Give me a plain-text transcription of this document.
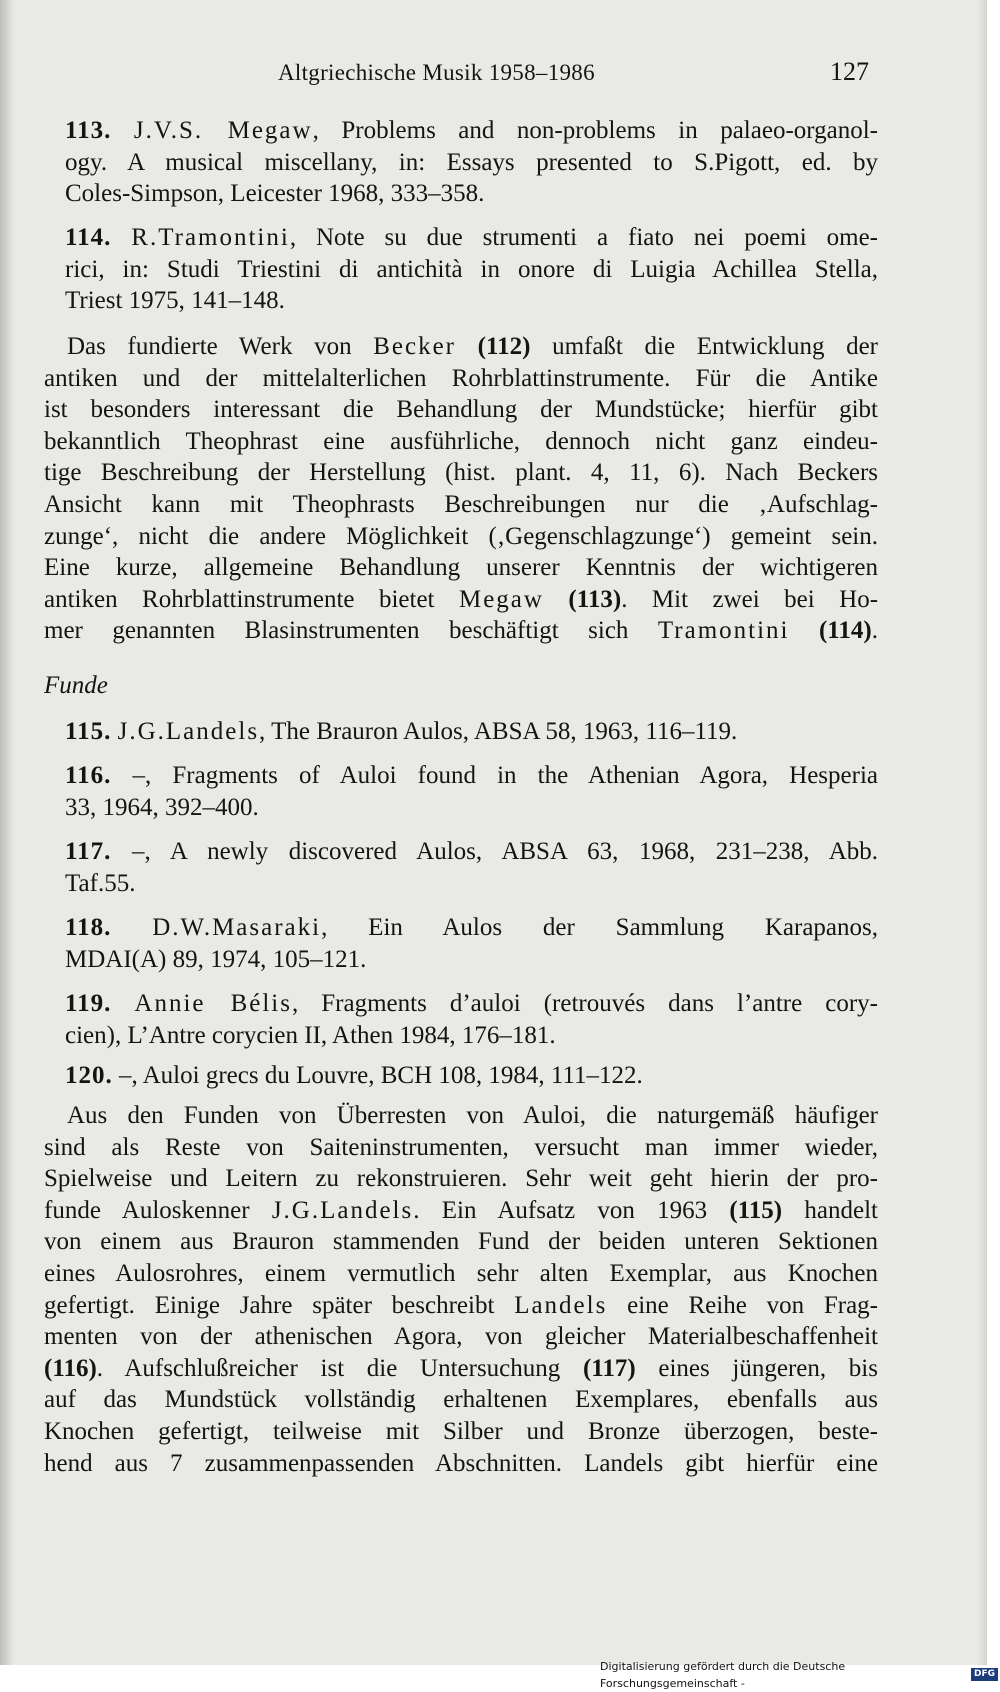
Altgriechische Musik 1958–1986	127
113. J.V.S. Megaw, Problems and non-problems in palaeo-organol-
ogy. A musical miscellany, in: Essays presented to S.Pigott, ed. by
Coles-Simpson, Leicester 1968, 333–358.
114. R.Tramontini, Note su due strumenti a fiato nei poemi ome-
rici, in: Studi Triestini di antichità in onore di Luigia Achillea Stella,
Triest 1975, 141–148.
Das fundierte Werk von Becker (112) umfaßt die Entwicklung der
antiken und der mittelalterlichen Rohrblattinstrumente. Für die Antike
ist besonders interessant die Behandlung der Mundstücke; hierfür gibt
bekanntlich Theophrast eine ausführliche, dennoch nicht ganz eindeu-
tige Beschreibung der Herstellung (hist. plant. 4, 11, 6). Nach Beckers
Ansicht kann mit Theophrasts Beschreibungen nur die ‚Aufschlag-
zunge‘, nicht die andere Möglichkeit (‚Gegenschlagzunge‘) gemeint sein.
Eine kurze, allgemeine Behandlung unserer Kenntnis der wichtigeren
antiken Rohrblattinstrumente bietet Megaw (113). Mit zwei bei Ho-
mer genannten Blasinstrumenten beschäftigt sich Tramontini (114).
Funde
115. J.G.Landels, The Brauron Aulos, ABSA 58, 1963, 116–119.
116. –, Fragments of Auloi found in the Athenian Agora, Hesperia
33, 1964, 392–400.
117. –, A newly discovered Aulos, ABSA 63, 1968, 231–238, Abb.
Taf.55.
118. D.W.Masaraki, Ein Aulos der Sammlung Karapanos,
MDAI(A) 89, 1974, 105–121.
119. Annie Bélis, Fragments d’auloi (retrouvés dans l’antre cory-
cien), L’Antre corycien II, Athen 1984, 176–181.
120. –, Auloi grecs du Louvre, BCH 108, 1984, 111–122.
Aus den Funden von Überresten von Auloi, die naturgemäß häufiger
sind als Reste von Saiteninstrumenten, versucht man immer wieder,
Spielweise und Leitern zu rekonstruieren. Sehr weit geht hierin der pro-
funde Auloskenner J.G.Landels. Ein Aufsatz von 1963 (115) handelt
von einem aus Brauron stammenden Fund der beiden unteren Sektionen
eines Aulosrohres, einem vermutlich sehr alten Exemplar, aus Knochen
gefertigt. Einige Jahre später beschreibt Landels eine Reihe von Frag-
menten von der athenischen Agora, von gleicher Materialbeschaffenheit
(116). Aufschlußreicher ist die Untersuchung (117) eines jüngeren, bis
auf das Mundstück vollständig erhaltenen Exemplares, ebenfalls aus
Knochen gefertigt, teilweise mit Silber und Bronze überzogen, beste-
hend aus 7 zusammenpassenden Abschnitten. Landels gibt hierfür eine
Digitalisierung gefördert durch die Deutsche Forschungsgemeinschaft -
DFG
